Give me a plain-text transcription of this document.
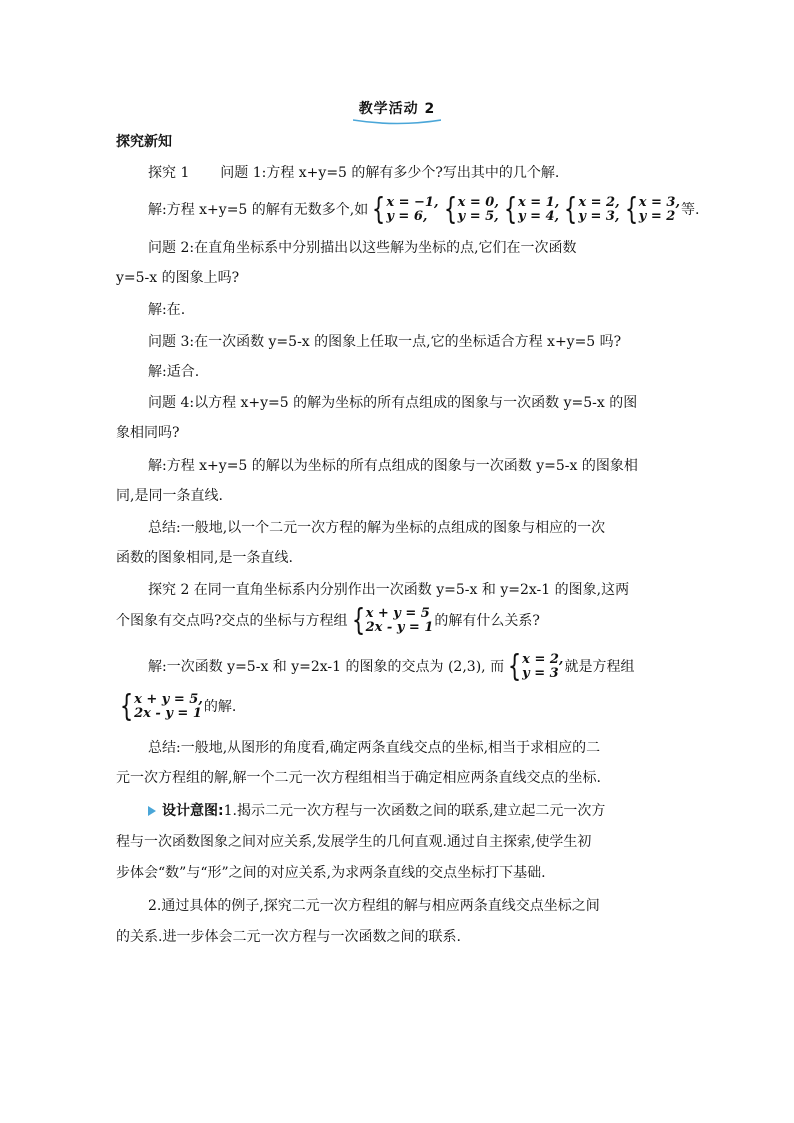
教学活动 2
探究新知
探究 1 问题 1:方程 x+y=5 的解有多少个?写出其中的几个解.
解:方程 x+y=5 的解有无数多个,如 { x = −1,
y = 6, { x = 0,
y = 5, { x = 1,
y = 4, { x = 2,
y = 3, { x = 3,
y = 2 等.
问题 2:在直角坐标系中分别描出以这些解为坐标的点,它们在一次函数
y=5-x 的图象上吗?
解:在.
问题 3:在一次函数 y=5-x 的图象上任取一点,它的坐标适合方程 x+y=5 吗?
解:适合.
问题 4:以方程 x+y=5 的解为坐标的所有点组成的图象与一次函数 y=5-x 的图
象相同吗?
解:方程 x+y=5 的解以为坐标的所有点组成的图象与一次函数 y=5-x 的图象相
同,是同一条直线.
总结:一般地,以一个二元一次方程的解为坐标的点组成的图象与相应的一次
函数的图象相同,是一条直线.
探究 2 在同一直角坐标系内分别作出一次函数 y=5-x 和 y=2x-1 的图象,这两
个图象有交点吗?交点的坐标与方程组 { x + y = 5
2x - y = 1 的解有什么关系?
解:一次函数 y=5-x 和 y=2x-1 的图象的交点为 (2,3), 而 { x = 2,
y = 3 就是方程组
{ x + y = 5,
2x - y = 1 的解.
总结:一般地,从图形的角度看,确定两条直线交点的坐标,相当于求相应的二
元一次方程组的解,解一个二元一次方程组相当于确定相应两条直线交点的坐标.
设计意图:1.揭示二元一次方程与一次函数之间的联系,建立起二元一次方
程与一次函数图象之间对应关系,发展学生的几何直观.通过自主探索,使学生初
步体会“数”与“形”之间的对应关系,为求两条直线的交点坐标打下基础.
2.通过具体的例子,探究二元一次方程组的解与相应两条直线交点坐标之间
的关系.进一步体会二元一次方程与一次函数之间的联系.
